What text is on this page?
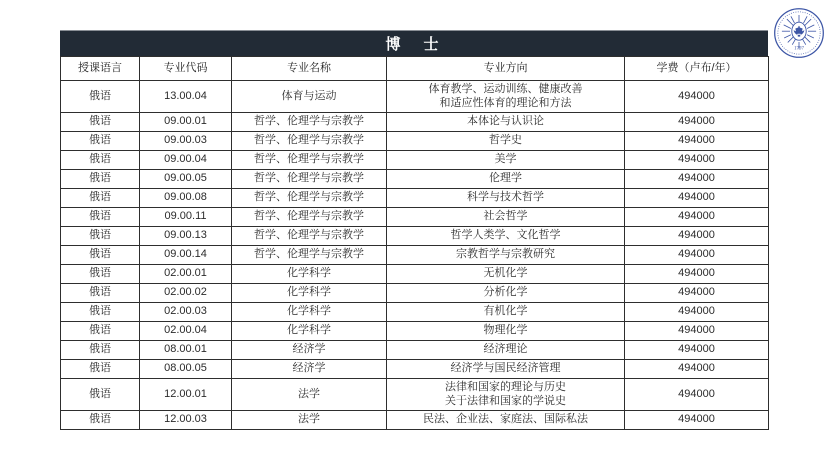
博　士
授课语言	专业代码	专业名称	专业方向	学费（卢布/年）
俄语	13.00.04	体育与运动	体育教学、运动训练、健康改善
和适应性体育的理论和方法	494000
俄语	09.00.01	哲学、伦理学与宗教学	本体论与认识论	494000
俄语	09.00.03	哲学、伦理学与宗教学	哲学史	494000
俄语	09.00.04	哲学、伦理学与宗教学	美学	494000
俄语	09.00.05	哲学、伦理学与宗教学	伦理学	494000
俄语	09.00.08	哲学、伦理学与宗教学	科学与技术哲学	494000
俄语	09.00.11	哲学、伦理学与宗教学	社会哲学	494000
俄语	09.00.13	哲学、伦理学与宗教学	哲学人类学、文化哲学	494000
俄语	09.00.14	哲学、伦理学与宗教学	宗教哲学与宗教研究	494000
俄语	02.00.01	化学科学	无机化学	494000
俄语	02.00.02	化学科学	分析化学	494000
俄语	02.00.03	化学科学	有机化学	494000
俄语	02.00.04	化学科学	物理化学	494000
俄语	08.00.01	经济学	经济理论	494000
俄语	08.00.05	经济学	经济学与国民经济管理	494000
俄语	12.00.01	法学	法律和国家的理论与历史
关于法律和国家的学说史	494000
俄语	12.00.03	法学	民法、企业法、家庭法、国际私法	494000
1797
